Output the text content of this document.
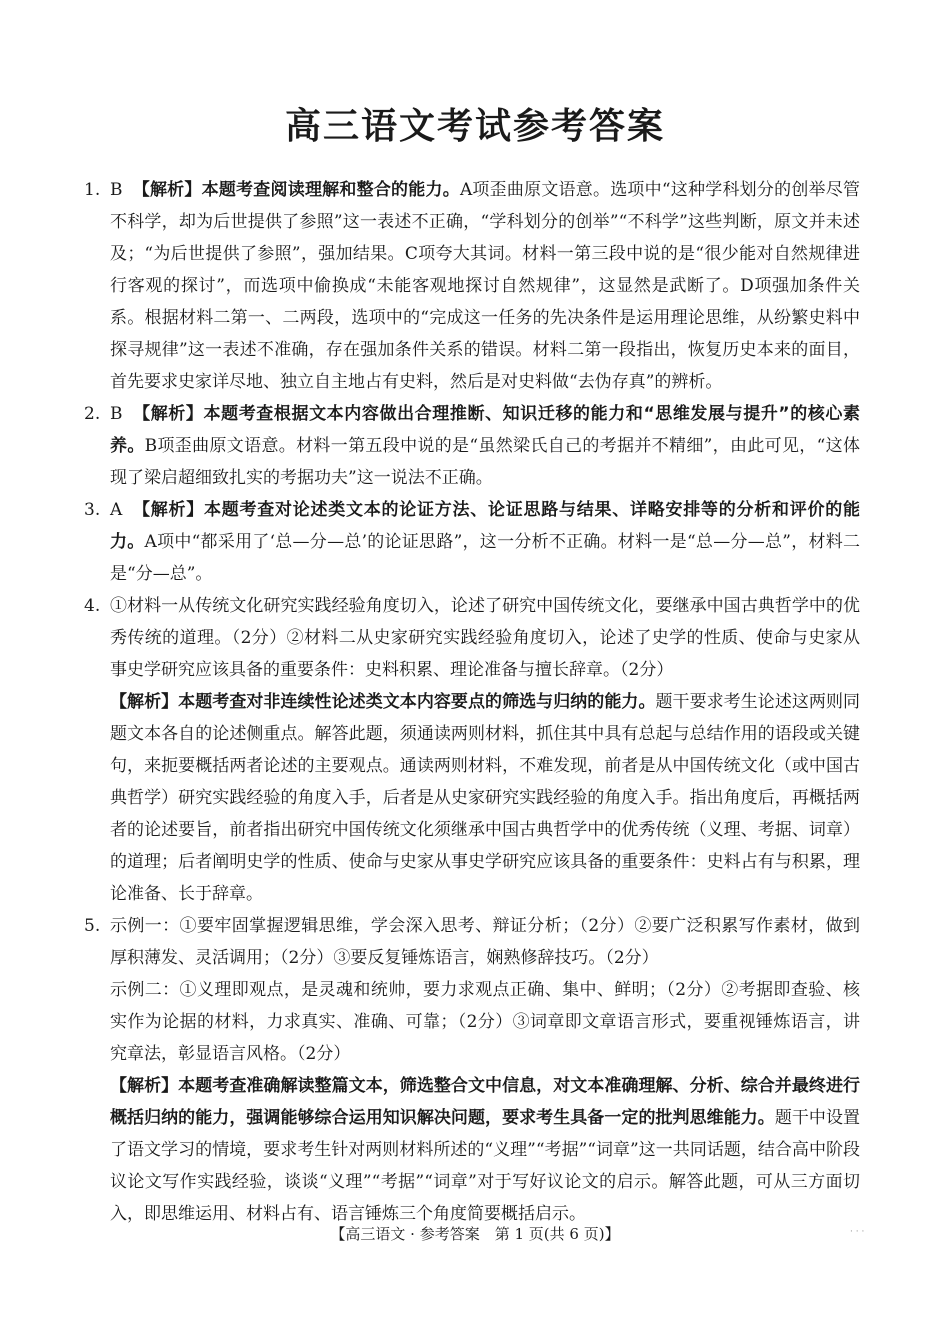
高三语文考试参考答案
1. B 【解析】本题考查阅读理解和整合的能力。A项歪曲原文语意。选项中“这种学科划分的创举尽管不科学，却为后世提供了参照”这一表述不正确，“学科划分的创举”“不科学”这些判断，原文并未述及；“为后世提供了参照”，强加结果。C项夸大其词。材料一第三段中说的是“很少能对自然规律进行客观的探讨”，而选项中偷换成“未能客观地探讨自然规律”，这显然是武断了。D项强加条件关系。根据材料二第一、二两段，选项中的“完成这一任务的先决条件是运用理论思维，从纷繁史料中探寻规律”这一表述不准确，存在强加条件关系的错误。材料二第一段指出，恢复历史本来的面目，首先要求史家详尽地、独立自主地占有史料，然后是对史料做“去伪存真”的辨析。
2. B 【解析】本题考查根据文本内容做出合理推断、知识迁移的能力和“思维发展与提升”的核心素养。B项歪曲原文语意。材料一第五段中说的是“虽然梁氏自己的考据并不精细”，由此可见，“这体现了梁启超细致扎实的考据功夫”这一说法不正确。
3. A 【解析】本题考查对论述类文本的论证方法、论证思路与结果、详略安排等的分析和评价的能力。A项中“都采用了‘总—分—总’的论证思路”，这一分析不正确。材料一是“总—分—总”，材料二是“分—总”。
4. ①材料一从传统文化研究实践经验角度切入，论述了研究中国传统文化，要继承中国古典哲学中的优秀传统的道理。（2分）②材料二从史家研究实践经验角度切入，论述了史学的性质、使命与史家从事史学研究应该具备的重要条件：史料积累、理论准备与擅长辞章。（2分）
【解析】本题考查对非连续性论述类文本内容要点的筛选与归纳的能力。题干要求考生论述这两则同题文本各自的论述侧重点。解答此题，须通读两则材料，抓住其中具有总起与总结作用的语段或关键句，来扼要概括两者论述的主要观点。通读两则材料，不难发现，前者是从中国传统文化（或中国古典哲学）研究实践经验的角度入手，后者是从史家研究实践经验的角度入手。指出角度后，再概括两者的论述要旨，前者指出研究中国传统文化须继承中国古典哲学中的优秀传统（义理、考据、词章）的道理；后者阐明史学的性质、使命与史家从事史学研究应该具备的重要条件：史料占有与积累，理论准备、长于辞章。
5. 示例一：①要牢固掌握逻辑思维，学会深入思考、辩证分析；（2分）②要广泛积累写作素材，做到厚积薄发、灵活调用；（2分）③要反复锤炼语言，娴熟修辞技巧。（2分）
示例二：①义理即观点，是灵魂和统帅，要力求观点正确、集中、鲜明；（2分）②考据即查验、核实作为论据的材料，力求真实、准确、可靠；（2分）③词章即文章语言形式，要重视锤炼语言，讲究章法，彰显语言风格。（2分）
【解析】本题考查准确解读整篇文本，筛选整合文中信息，对文本准确理解、分析、综合并最终进行概括归纳的能力，强调能够综合运用知识解决问题，要求考生具备一定的批判思维能力。题干中设置了语文学习的情境，要求考生针对两则材料所述的“义理”“考据”“词章”这一共同话题，结合高中阶段议论文写作实践经验，谈谈“义理”“考据”“词章”对于写好议论文的启示。解答此题，可从三方面切入，即思维运用、材料占有、语言锤炼三个角度简要概括启示。
【高三语文 · 参考答案　第 1 页(共 6 页)】	· · ·
